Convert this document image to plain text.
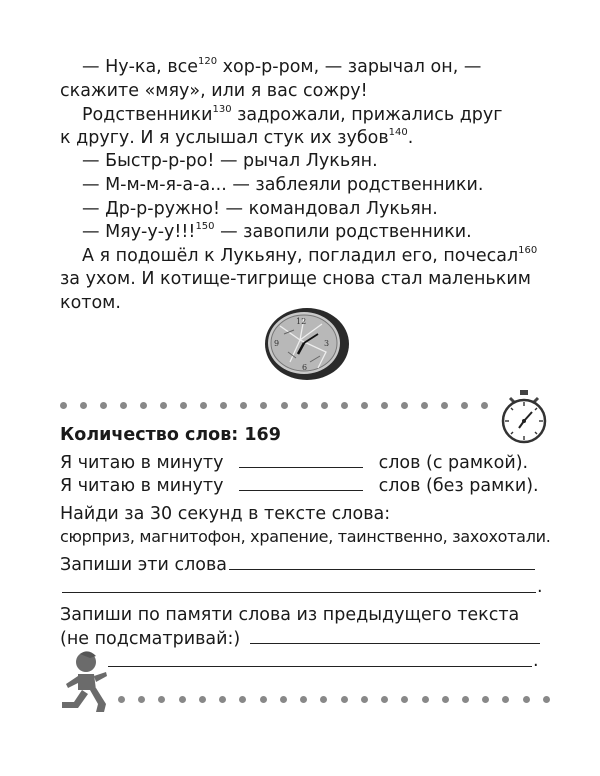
— Ну-ка, все$^{120}$ хор-р-ром, — зарычал он, —
скажите «мяу», или я вас сожру!
Родственники$^{130}$ задрожали, прижались друг
к другу. И я услышал стук их зубов$^{140}$.
— Быстр-р-ро! — рычал Лукьян.
— М-м-м-я-а-а... — заблеяли родственники.
— Др-р-ружно! — командовал Лукьян.
— Мяу-у-у!!!$^{150}$ — завопили родственники.
А я подошёл к Лукьяну, погладил его, почесал$^{160}$
за ухом. И котище-тигрище снова стал маленьким
котом.
12
3
6
9
Количество слов: 169
Я читаю в минуту	слов (с рамкой).
Я читаю в минуту	слов (без рамки).
Найди за 30 секунд в тексте слова:
сюрприз, магнитофон, храпение, таинственно, захохотали.
Запиши эти слова
.
Запиши по памяти слова из предыдущего текста
(не подсматривай:)
.
